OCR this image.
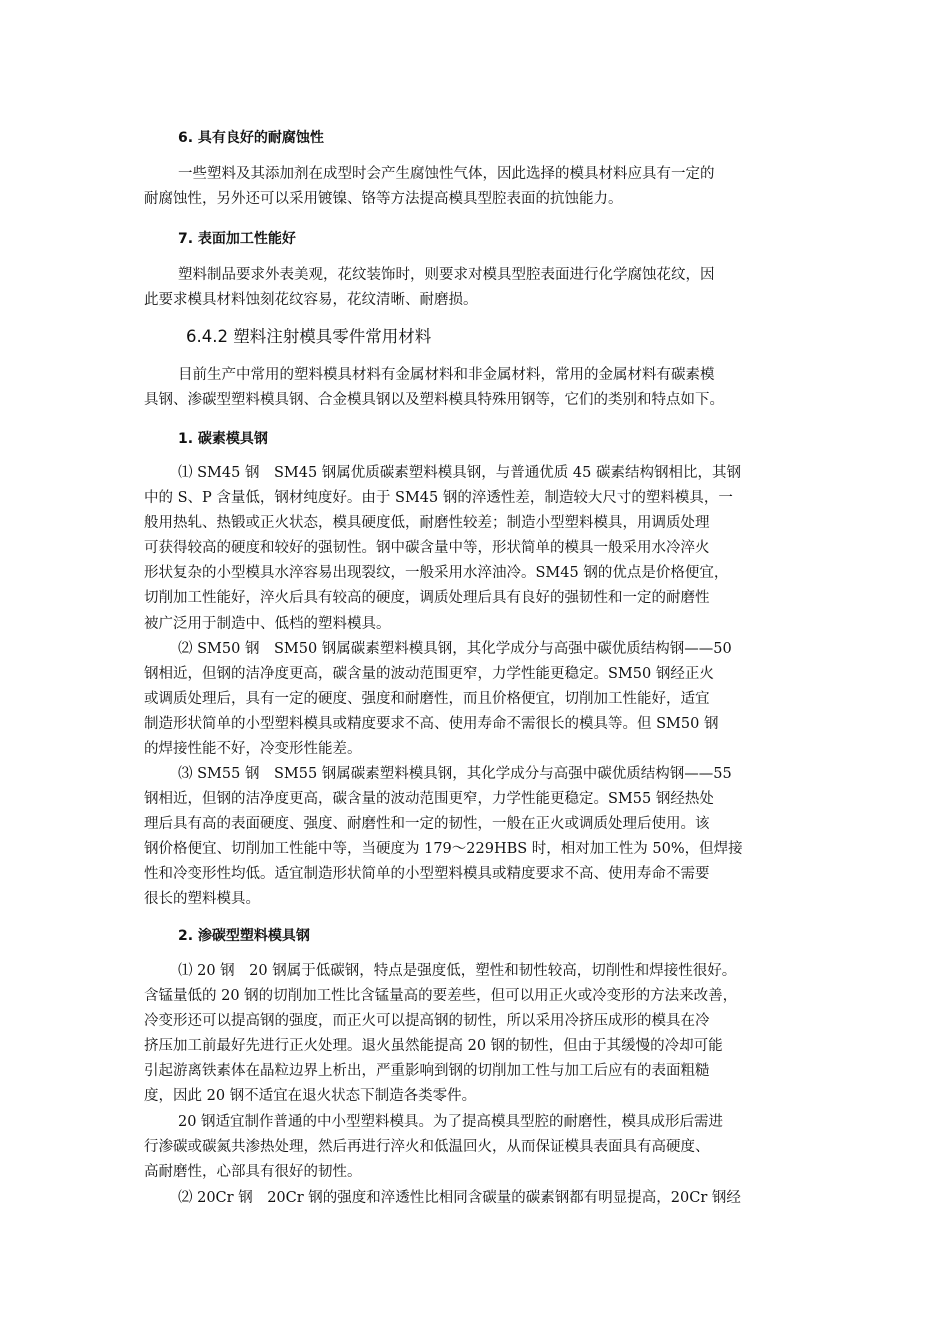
6. 具有良好的耐腐蚀性
一些塑料及其添加剂在成型时会产生腐蚀性气体，因此选择的模具材料应具有一定的
耐腐蚀性，另外还可以采用镀镍、铬等方法提高模具型腔表面的抗蚀能力。
7. 表面加工性能好
塑料制品要求外表美观，花纹装饰时，则要求对模具型腔表面进行化学腐蚀花纹，因
此要求模具材料蚀刻花纹容易，花纹清晰、耐磨损。
6.4.2 塑料注射模具零件常用材料
目前生产中常用的塑料模具材料有金属材料和非金属材料，常用的金属材料有碳素模
具钢、渗碳型塑料模具钢、合金模具钢以及塑料模具特殊用钢等，它们的类别和特点如下。
1. 碳素模具钢
⑴ SM45 钢　SM45 钢属优质碳素塑料模具钢，与普通优质 45 碳素结构钢相比，其钢
中的 S、P 含量低，钢材纯度好。由于 SM45 钢的淬透性差，制造较大尺寸的塑料模具，一
般用热轧、热锻或正火状态，模具硬度低，耐磨性较差；制造小型塑料模具，用调质处理
可获得较高的硬度和较好的强韧性。钢中碳含量中等，形状简单的模具一般采用水冷淬火
形状复杂的小型模具水淬容易出现裂纹，一般采用水淬油冷。SM45 钢的优点是价格便宜，
切削加工性能好，淬火后具有较高的硬度，调质处理后具有良好的强韧性和一定的耐磨性
被广泛用于制造中、低档的塑料模具。
⑵ SM50 钢　SM50 钢属碳素塑料模具钢，其化学成分与高强中碳优质结构钢——50
钢相近，但钢的洁净度更高，碳含量的波动范围更窄，力学性能更稳定。SM50 钢经正火
或调质处理后，具有一定的硬度、强度和耐磨性，而且价格便宜，切削加工性能好，适宜
制造形状简单的小型塑料模具或精度要求不高、使用寿命不需很长的模具等。但 SM50 钢
的焊接性能不好，冷变形性能差。
⑶ SM55 钢　SM55 钢属碳素塑料模具钢，其化学成分与高强中碳优质结构钢——55
钢相近，但钢的洁净度更高，碳含量的波动范围更窄，力学性能更稳定。SM55 钢经热处
理后具有高的表面硬度、强度、耐磨性和一定的韧性，一般在正火或调质处理后使用。该
钢价格便宜、切削加工性能中等，当硬度为 179～229HBS 时，相对加工性为 50%，但焊接
性和冷变形性均低。适宜制造形状简单的小型塑料模具或精度要求不高、使用寿命不需要
很长的塑料模具。
2. 渗碳型塑料模具钢
⑴ 20 钢　20 钢属于低碳钢，特点是强度低，塑性和韧性较高，切削性和焊接性很好。
含锰量低的 20 钢的切削加工性比含锰量高的要差些，但可以用正火或冷变形的方法来改善，
冷变形还可以提高钢的强度，而正火可以提高钢的韧性，所以采用冷挤压成形的模具在冷
挤压加工前最好先进行正火处理。退火虽然能提高 20 钢的韧性，但由于其缓慢的冷却可能
引起游离铁素体在晶粒边界上析出，严重影响到钢的切削加工性与加工后应有的表面粗糙
度，因此 20 钢不适宜在退火状态下制造各类零件。
20 钢适宜制作普通的中小型塑料模具。为了提高模具型腔的耐磨性，模具成形后需进
行渗碳或碳氮共渗热处理，然后再进行淬火和低温回火，从而保证模具表面具有高硬度、
高耐磨性，心部具有很好的韧性。
⑵ 20Cr 钢　20Cr 钢的强度和淬透性比相同含碳量的碳素钢都有明显提高，20Cr 钢经
